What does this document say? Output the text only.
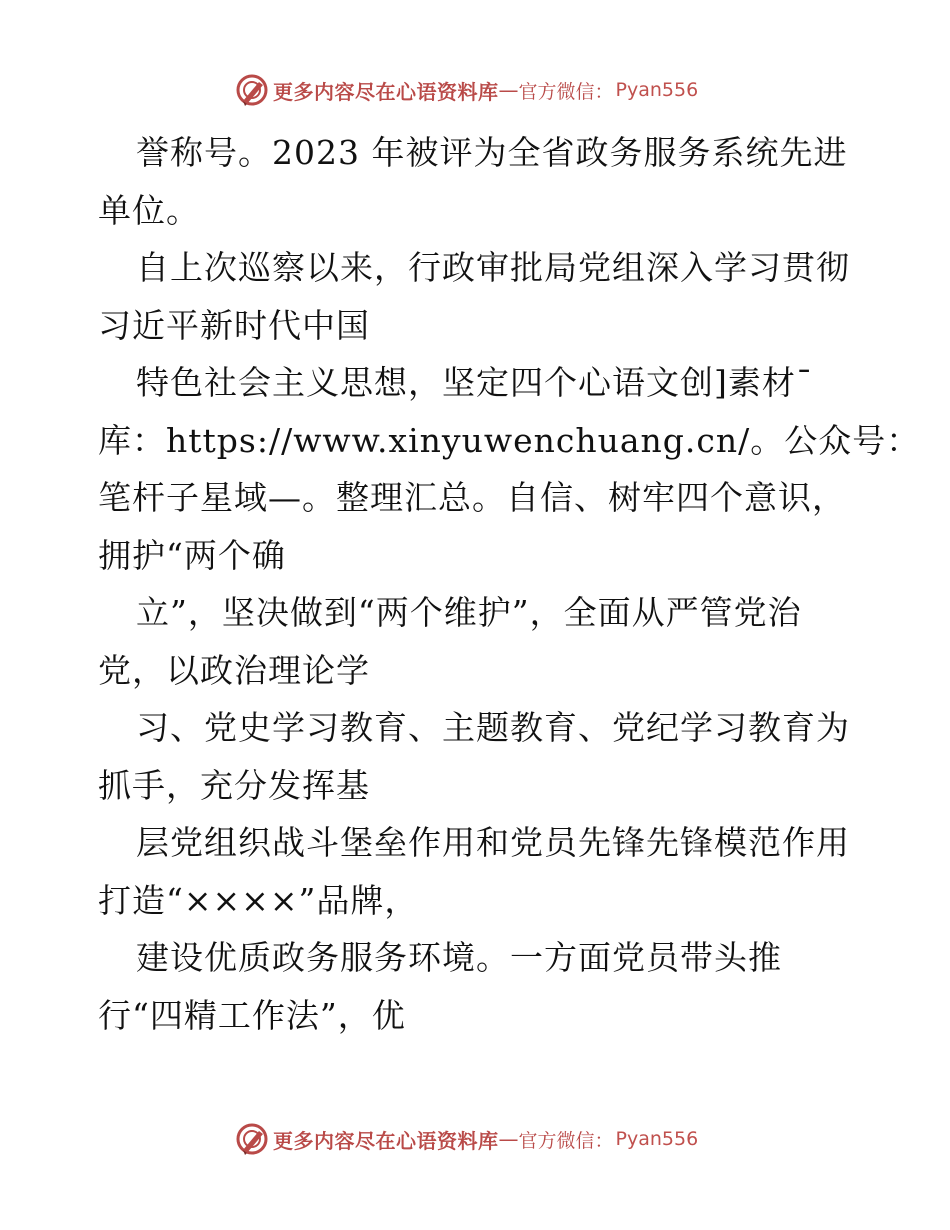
更多内容尽在心语资料库 — 官方微信： Pyan556
誉称号。2023 年被评为全省政务服务系统先进
单位。
自上次巡察以来，行政审批局党组深入学习贯彻
习近平新时代中国
特色社会主义思想，坚定四个心语文创]素材¯
库：https://www.xinyuwenchuang.cn/。公众号：
笔杆子星域—。整理汇总。自信、树牢四个意识，
拥护“两个确
立”，坚决做到“两个维护”，全面从严管党治
党，以政治理论学
习、党史学习教育、主题教育、党纪学习教育为
抓手，充分发挥基
层党组织战斗堡垒作用和党员先锋先锋模范作用
打造“××××”品牌，
建设优质政务服务环境。一方面党员带头推
行“四精工作法”，优
更多内容尽在心语资料库 — 官方微信： Pyan556
